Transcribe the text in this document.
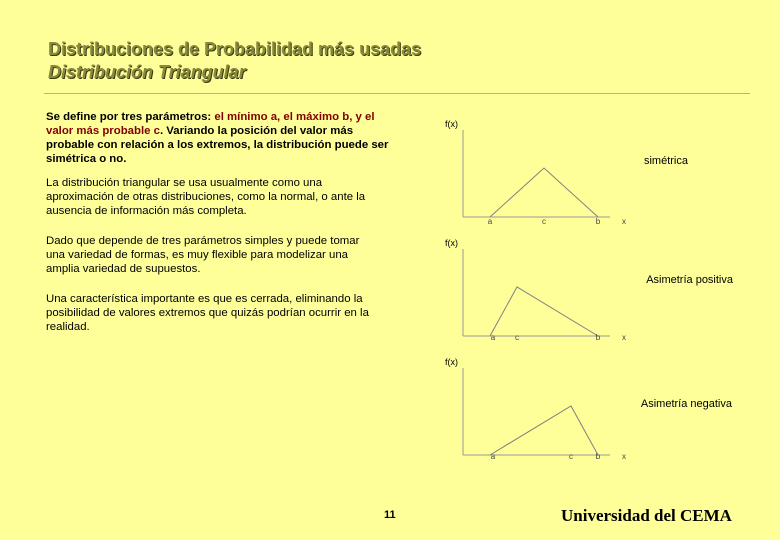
Distribuciones de Probabilidad más usadas
Distribución Triangular

Se define por tres parámetros: el mínimo a, el máximo b, y el valor más probable c. Variando la posición del valor más probable con relación a los extremos, la distribución puede ser simétrica o no.

La distribución triangular se usa usualmente como una aproximación de otras distribuciones, como la normal, o ante la ausencia de información más completa.

Dado que depende de tres parámetros simples y puede tomar una variedad de formas, es muy flexible para modelizar una amplia variedad de supuestos.

Una característica importante es que es cerrada, eliminando la posibilidad de valores extremos que quizás podrían ocurrir en la realidad.

f(x)
a	c	b	x
simétrica
f(x)
a c	b	x
Asimetría positiva
f(x)
a	c	b	x
Asimetría negativa
11	Universidad del CEMA
